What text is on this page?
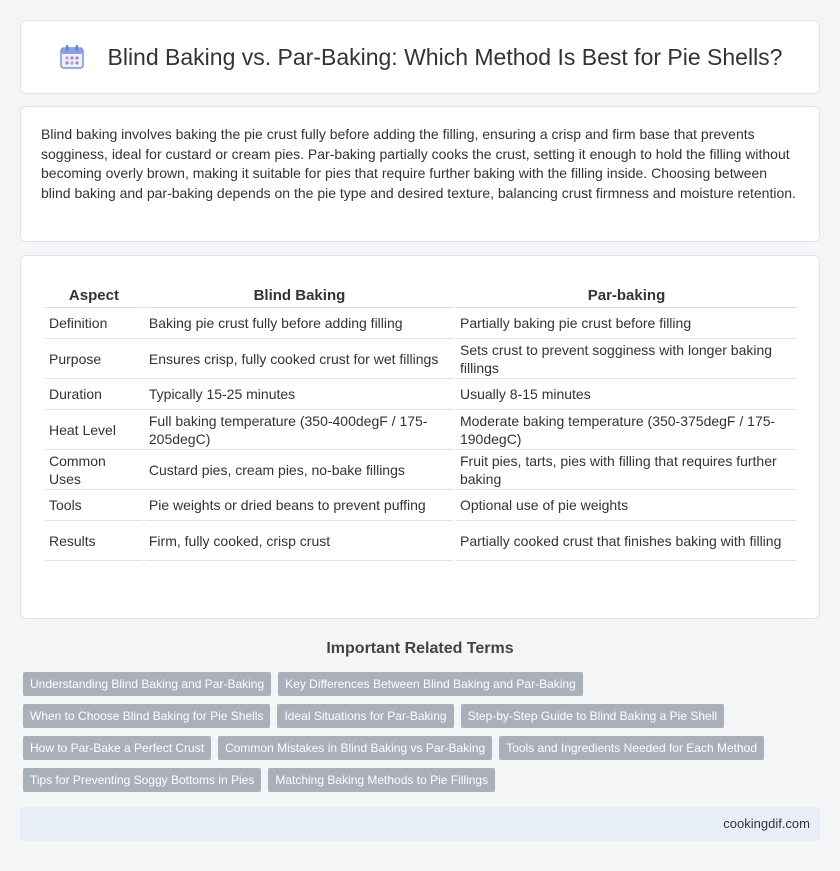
Blind Baking vs. Par-Baking: Which Method Is Best for Pie Shells?

Blind baking involves baking the pie crust fully before adding the filling, ensuring a crisp and firm base that prevents sogginess, ideal for custard or cream pies. Par-baking partially cooks the crust, setting it enough to hold the filling without becoming overly brown, making it suitable for pies that require further baking with the filling inside. Choosing between blind baking and par-baking depends on the pie type and desired texture, balancing crust firmness and moisture retention.

Aspect	Blind Baking	Par-baking
Definition	Baking pie crust fully before adding filling	Partially baking pie crust before filling
Purpose	Ensures crisp, fully cooked crust for wet fillings	Sets crust to prevent sogginess with longer baking fillings
Duration	Typically 15-25 minutes	Usually 8-15 minutes
Heat Level	Full baking temperature (350-400degF / 175-205degC)	Moderate baking temperature (350-375degF / 175-190degC)
Common Uses	Custard pies, cream pies, no-bake fillings	Fruit pies, tarts, pies with filling that requires further baking
Tools	Pie weights or dried beans to prevent puffing	Optional use of pie weights
Results	Firm, fully cooked, crisp crust	Partially cooked crust that finishes baking with filling
Important Related Terms
Understanding Blind Baking and Par-Baking	Key Differences Between Blind Baking and Par-Baking
When to Choose Blind Baking for Pie Shells	Ideal Situations for Par-Baking	Step-by-Step Guide to Blind Baking a Pie Shell
How to Par-Bake a Perfect Crust	Common Mistakes in Blind Baking vs Par-Baking	Tools and Ingredients Needed for Each Method
Tips for Preventing Soggy Bottoms in Pies	Matching Baking Methods to Pie Fillings
cookingdif.com
